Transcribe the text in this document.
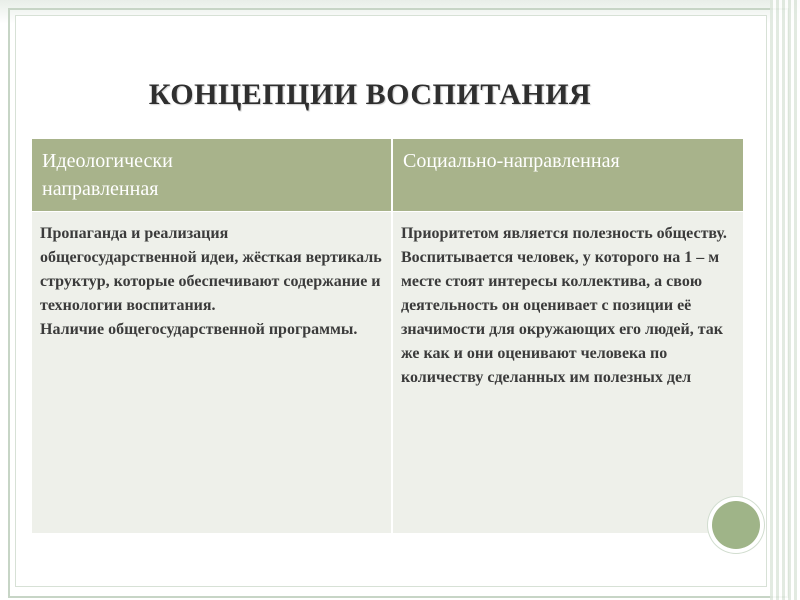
КОНЦЕПЦИИ ВОСПИТАНИЯ
Идеологически
направленная
Социально-направленная
Пропаганда и реализация общегосударственной идеи, жёсткая вертикаль структур, которые обеспечивают содержание и технологии воспитания.
Наличие общегосударственной программы.
Приоритетом является полезность обществу. Воспитывается человек, у которого на 1 – м месте стоят интересы коллектива, а свою деятельность он оценивает с позиции её значимости для окружающих его людей, так же как и они оценивают человека по количеству сделанных им полезных дел
